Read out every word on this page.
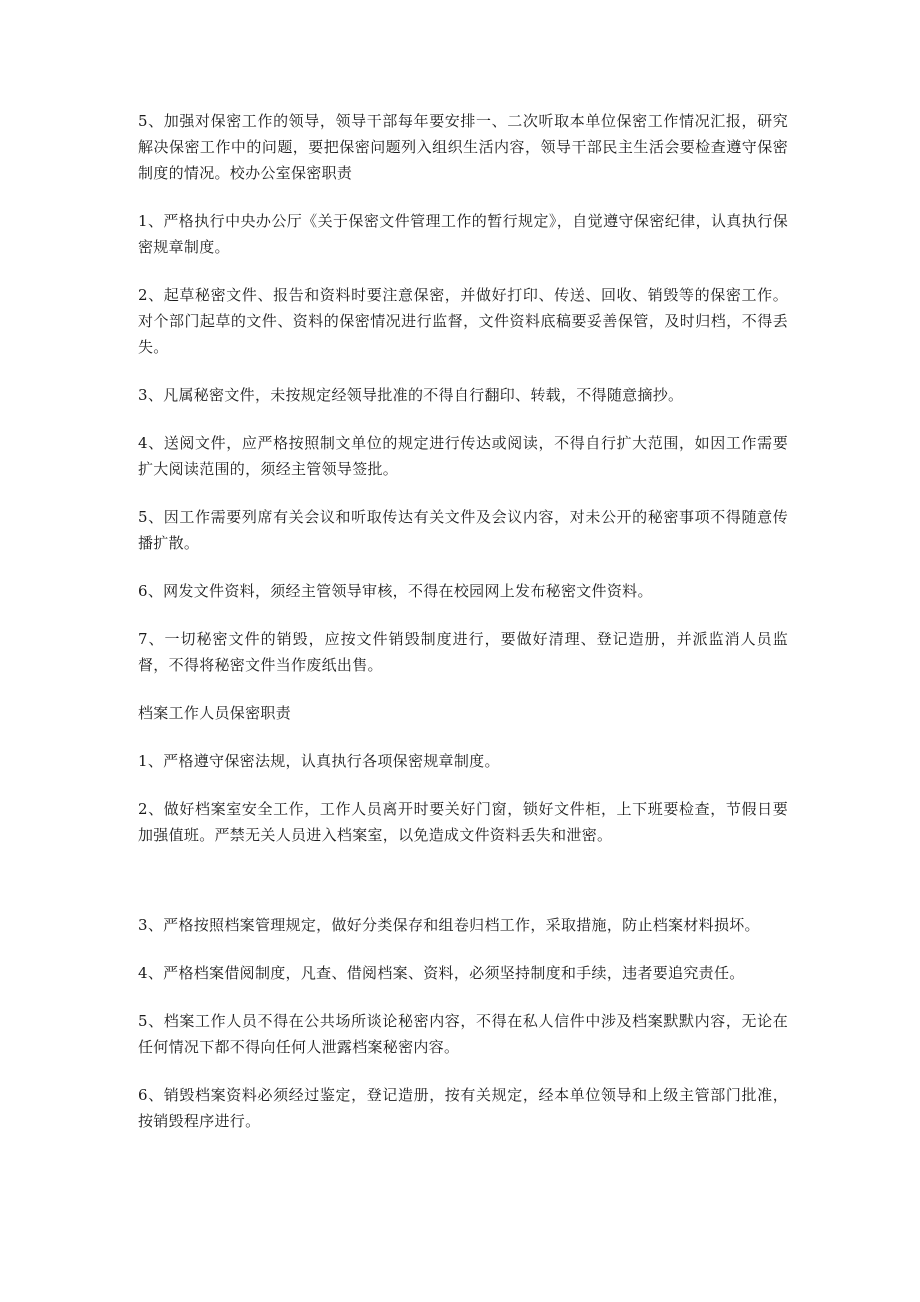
5、加强对保密工作的领导，领导干部每年要安排一、二次听取本单位保密工作情况汇报，研究解决保密工作中的问题，要把保密问题列入组织生活内容，领导干部民主生活会要检查遵守保密制度的情况。校办公室保密职责

1、严格执行中央办公厅《关于保密文件管理工作的暂行规定》，自觉遵守保密纪律，认真执行保密规章制度。

2、起草秘密文件、报告和资料时要注意保密，并做好打印、传送、回收、销毁等的保密工作。对个部门起草的文件、资料的保密情况进行监督，文件资料底稿要妥善保管，及时归档，不得丢失。

3、凡属秘密文件，未按规定经领导批准的不得自行翻印、转载，不得随意摘抄。

4、送阅文件，应严格按照制文单位的规定进行传达或阅读，不得自行扩大范围，如因工作需要扩大阅读范围的，须经主管领导签批。

5、因工作需要列席有关会议和听取传达有关文件及会议内容，对未公开的秘密事项不得随意传播扩散。

6、网发文件资料，须经主管领导审核，不得在校园网上发布秘密文件资料。

7、一切秘密文件的销毁，应按文件销毁制度进行，要做好清理、登记造册，并派监消人员监督，不得将秘密文件当作废纸出售。

档案工作人员保密职责

1、严格遵守保密法规，认真执行各项保密规章制度。

2、做好档案室安全工作，工作人员离开时要关好门窗，锁好文件柜，上下班要检查，节假日要加强值班。严禁无关人员进入档案室，以免造成文件资料丢失和泄密。

3、严格按照档案管理规定，做好分类保存和组卷归档工作，采取措施，防止档案材料损坏。

4、严格档案借阅制度，凡查、借阅档案、资料，必须坚持制度和手续，违者要追究责任。

5、档案工作人员不得在公共场所谈论秘密内容，不得在私人信件中涉及档案默默内容，无论在任何情况下都不得向任何人泄露档案秘密内容。

6、销毁档案资料必须经过鉴定，登记造册，按有关规定，经本单位领导和上级主管部门批准，按销毁程序进行。
